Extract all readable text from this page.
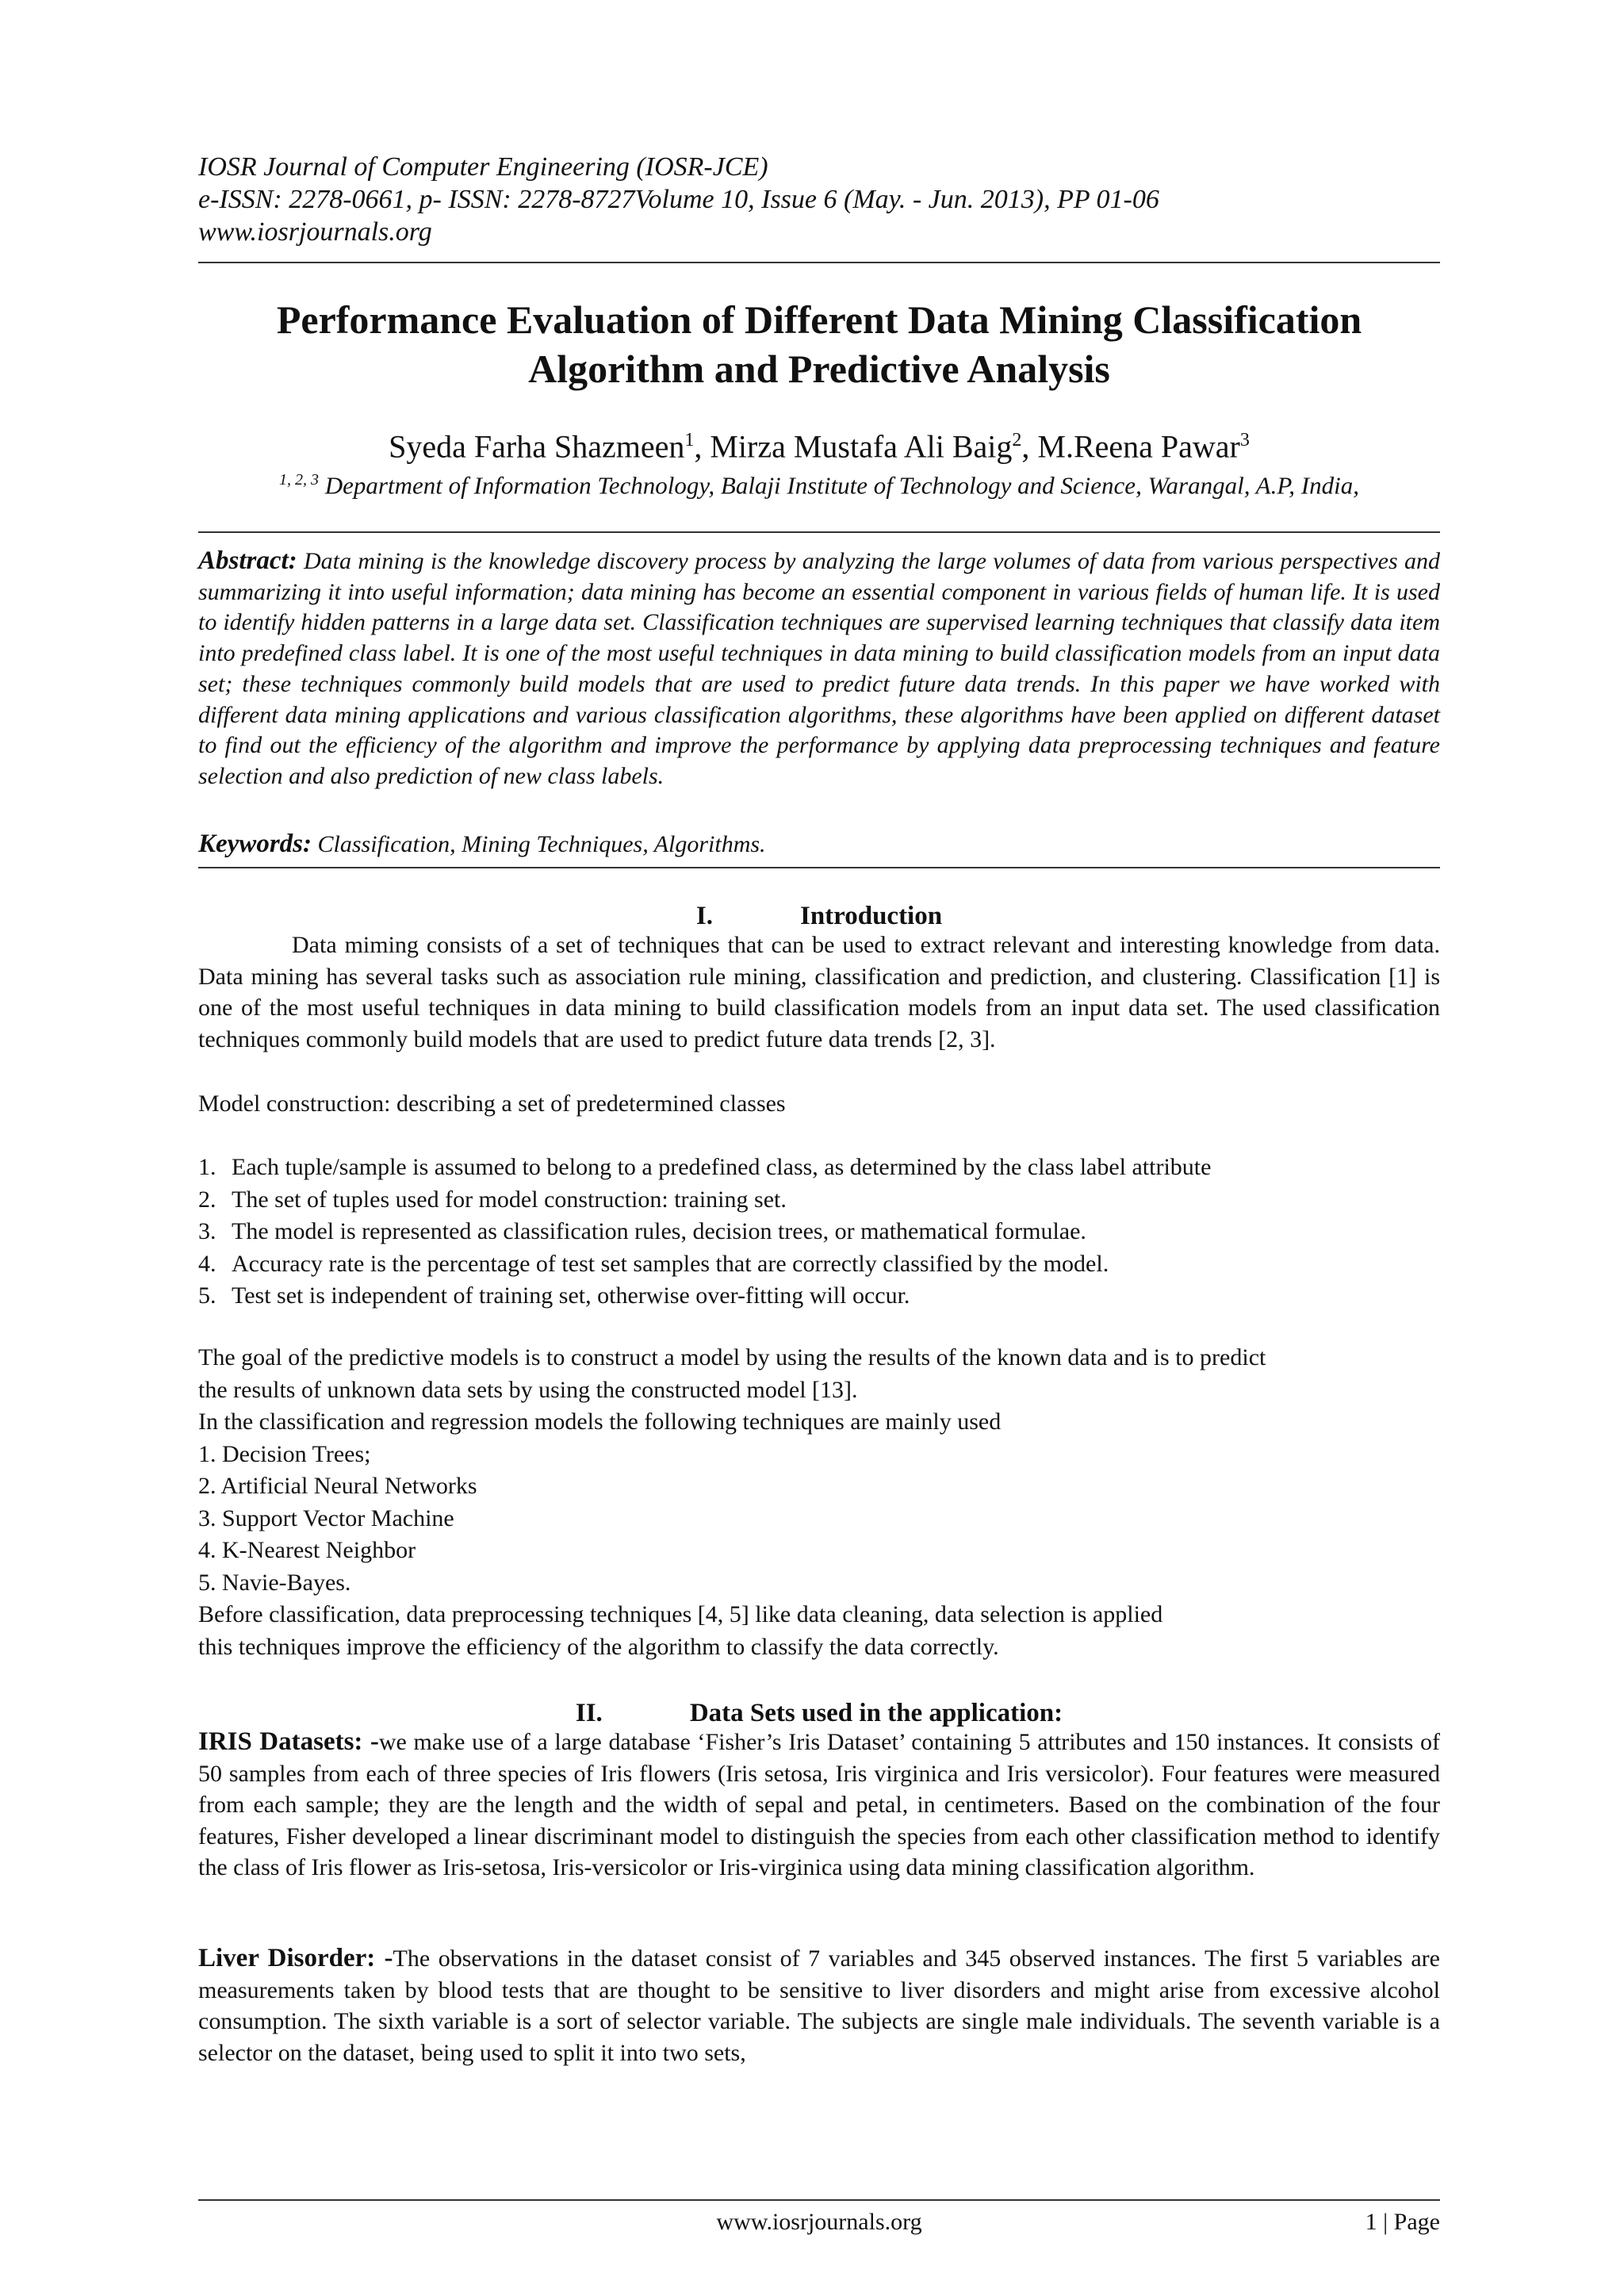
IOSR Journal of Computer Engineering (IOSR-JCE)
e-ISSN: 2278-0661, p- ISSN: 2278-8727Volume 10, Issue 6 (May. - Jun. 2013), PP 01-06
www.iosrjournals.org
Performance Evaluation of Different Data Mining Classification
Algorithm and Predictive Analysis
Syeda Farha Shazmeen$^1$, Mirza Mustafa Ali Baig$^2$, M.Reena Pawar$^3$
$^{1, 2, 3}$ Department of Information Technology, Balaji Institute of Technology and Science, Warangal, A.P, India,
Abstract: Data mining is the knowledge discovery process by analyzing the large volumes of data from various perspectives and summarizing it into useful information; data mining has become an essential component in various fields of human life. It is used to identify hidden patterns in a large data set. Classification techniques are supervised learning techniques that classify data item into predefined class label. It is one of the most useful techniques in data mining to build classification models from an input data set; these techniques commonly build models that are used to predict future data trends. In this paper we have worked with different data mining applications and various classification algorithms, these algorithms have been applied on different dataset to find out the efficiency of the algorithm and improve the performance by applying data preprocessing techniques and feature selection and also prediction of new class labels.
Keywords: Classification, Mining Techniques, Algorithms.
I.	Introduction
Data miming consists of a set of techniques that can be used to extract relevant and interesting knowledge from data. Data mining has several tasks such as association rule mining, classification and prediction, and clustering. Classification [1] is one of the most useful techniques in data mining to build classification models from an input data set. The used classification techniques commonly build models that are used to predict future data trends [2, 3].
Model construction: describing a set of predetermined classes
1. Each tuple/sample is assumed to belong to a predefined class, as determined by the class label attribute
2. The set of tuples used for model construction: training set.
3. The model is represented as classification rules, decision trees, or mathematical formulae.
4. Accuracy rate is the percentage of test set samples that are correctly classified by the model.
5. Test set is independent of training set, otherwise over-fitting will occur.
The goal of the predictive models is to construct a model by using the results of the known data and is to predict
the results of unknown data sets by using the constructed model [13].
In the classification and regression models the following techniques are mainly used
1. Decision Trees;
2. Artificial Neural Networks
3. Support Vector Machine
4. K-Nearest Neighbor
5. Navie-Bayes.
Before classification, data preprocessing techniques [4, 5] like data cleaning, data selection is applied
this techniques improve the efficiency of the algorithm to classify the data correctly.
II.	Data Sets used in the application:
IRIS Datasets: -we make use of a large database ‘Fisher’s Iris Dataset’ containing 5 attributes and 150 instances. It consists of 50 samples from each of three species of Iris flowers (Iris setosa, Iris virginica and Iris versicolor). Four features were measured from each sample; they are the length and the width of sepal and petal, in centimeters. Based on the combination of the four features, Fisher developed a linear discriminant model to distinguish the species from each other classification method to identify the class of Iris flower as Iris-setosa, Iris-versicolor or Iris-virginica using data mining classification algorithm.
Liver Disorder: -The observations in the dataset consist of 7 variables and 345 observed instances. The first 5 variables are measurements taken by blood tests that are thought to be sensitive to liver disorders and might arise from excessive alcohol consumption. The sixth variable is a sort of selector variable. The subjects are single male individuals. The seventh variable is a selector on the dataset, being used to split it into two sets,
www.iosrjournals.org	1 | Page
